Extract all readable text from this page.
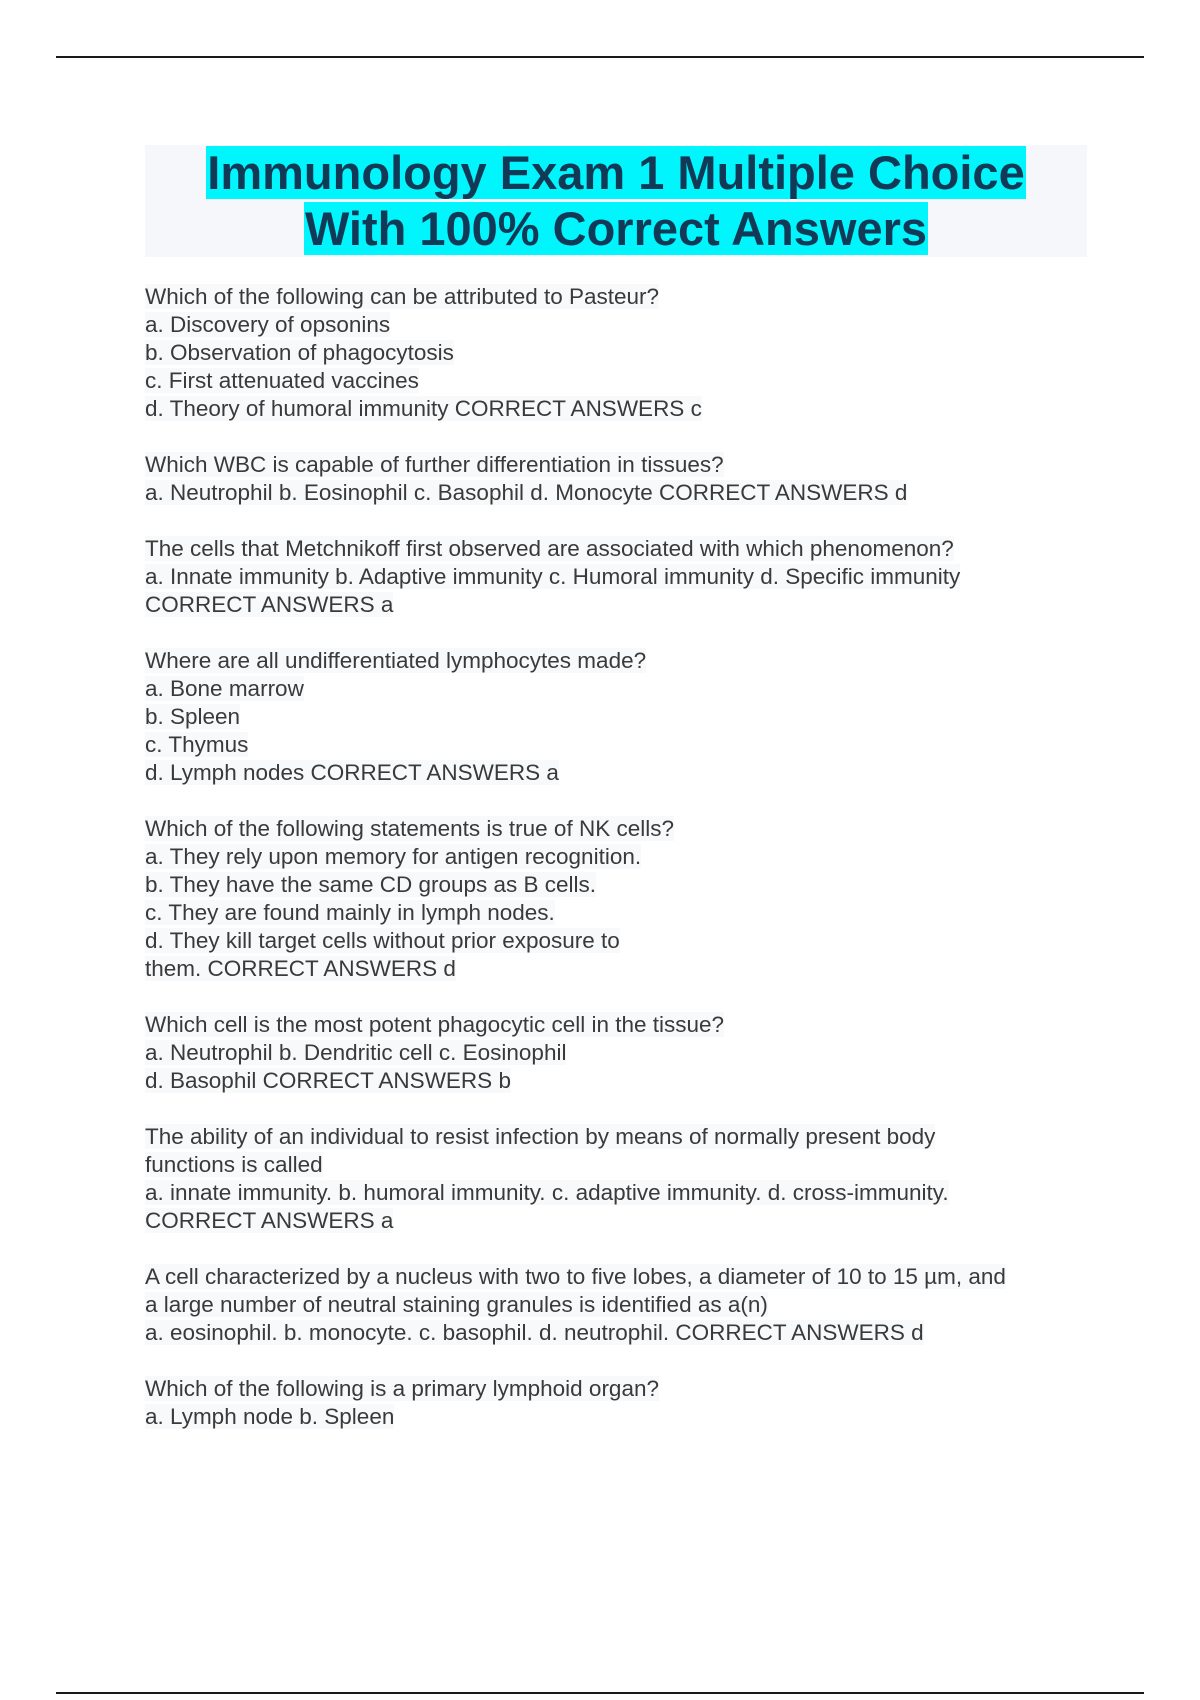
Immunology Exam 1 Multiple Choice
With 100% Correct Answers
Which of the following can be attributed to Pasteur?
a. Discovery of opsonins
b. Observation of phagocytosis
c. First attenuated vaccines
d. Theory of humoral immunity CORRECT ANSWERS c
Which WBC is capable of further differentiation in tissues?
a. Neutrophil b. Eosinophil c. Basophil d. Monocyte CORRECT ANSWERS d
The cells that Metchnikoff first observed are associated with which phenomenon?
a. Innate immunity b. Adaptive immunity c. Humoral immunity d. Specific immunity
CORRECT ANSWERS a
Where are all undifferentiated lymphocytes made?
a. Bone marrow
b. Spleen
c. Thymus
d. Lymph nodes CORRECT ANSWERS a
Which of the following statements is true of NK cells?
a. They rely upon memory for antigen recognition.
b. They have the same CD groups as B cells.
c. They are found mainly in lymph nodes.
d. They kill target cells without prior exposure to
them. CORRECT ANSWERS d
Which cell is the most potent phagocytic cell in the tissue?
a. Neutrophil b. Dendritic cell c. Eosinophil
d. Basophil CORRECT ANSWERS b
The ability of an individual to resist infection by means of normally present body
functions is called
a. innate immunity. b. humoral immunity. c. adaptive immunity. d. cross-immunity.
CORRECT ANSWERS a
A cell characterized by a nucleus with two to five lobes, a diameter of 10 to 15 µm, and
a large number of neutral staining granules is identified as a(n)
a. eosinophil. b. monocyte. c. basophil. d. neutrophil. CORRECT ANSWERS d
Which of the following is a primary lymphoid organ?
a. Lymph node b. Spleen
